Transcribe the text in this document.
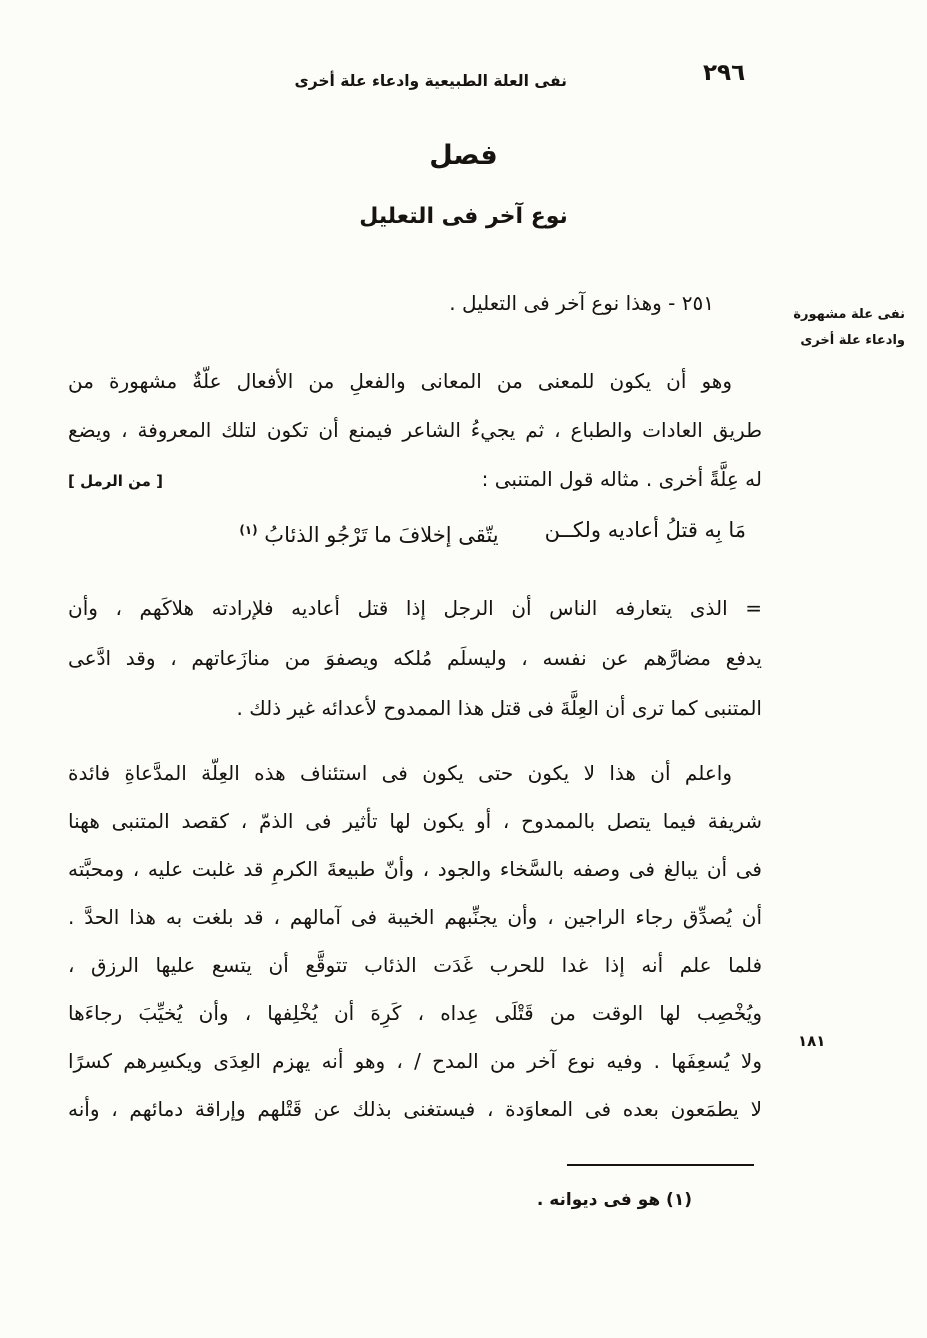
نفى العلة الطبيعية وادعاء علة أخرى	٢٩٦
فصل
نوع آخر فى التعليل
نفى علة مشهورة
وادعاء علة أخرى
١٨١
٢٥١ - وهذا نوع آخر فى التعليل .
وهو أن يكون للمعنى من المعانى والفعلِ من الأفعال علّةٌ مشهورة من
طريق العادات والطباع ، ثم يجيءُ الشاعر فيمنع أن تكون لتلك المعروفة ، ويضع
له عِلَّةً أخرى . مثاله قول المتنبى :
[ من الرمل ]
مَا بِه قتلُ أعاديه ولكــن
يتّقى إخلافَ ما تَرْجُو الذئابُ $^{(١)}$
= الذى يتعارفه الناس أن الرجل إذا قتل أعاديه فلإرادته هلاكَهم ، وأن
يدفع مضارَّهم عن نفسه ، وليسلَم مُلكه ويصفوَ من منازَعاتهم ، وقد ادَّعى
المتنبى كما ترى أن العِلَّةَ فى قتل هذا الممدوح لأعدائه غير ذلك .
واعلم أن هذا لا يكون حتى يكون فى استئناف هذه العِلّة المدَّعاةِ فائدة
شريفة فيما يتصل بالممدوح ، أو يكون لها تأثير فى الذمّ ، كقصد المتنبى ههنا
فى أن يبالغ فى وصفه بالسَّخاء والجود ، وأنّ طبيعةَ الكرمِ قد غلبت عليه ، ومحبَّته
أن يُصدِّق رجاء الراجين ، وأن يجنِّبهم الخيبة فى آمالهم ، قد بلغت به هذا الحدَّ .
فلما علم أنه إذا غدا للحرب غَدَت الذئاب تتوقَّع أن يتسع عليها الرزق ،
ويُخْصِب لها الوقت من قَتْلَى عِداه ، كَرِهَ أن يُخْلِفها ، وأن يُخيِّبَ رجاءَها
ولا يُسعِفَها . وفيه نوع آخر من المدح / ، وهو أنه يهزم العِدَى ويكسِرهم كسرًا
لا يطمَعون بعده فى المعاوَدة ، فيستغنى بذلك عن قَتْلهم وإراقة دمائهم ، وأنه
(١) هو فى ديوانه .
